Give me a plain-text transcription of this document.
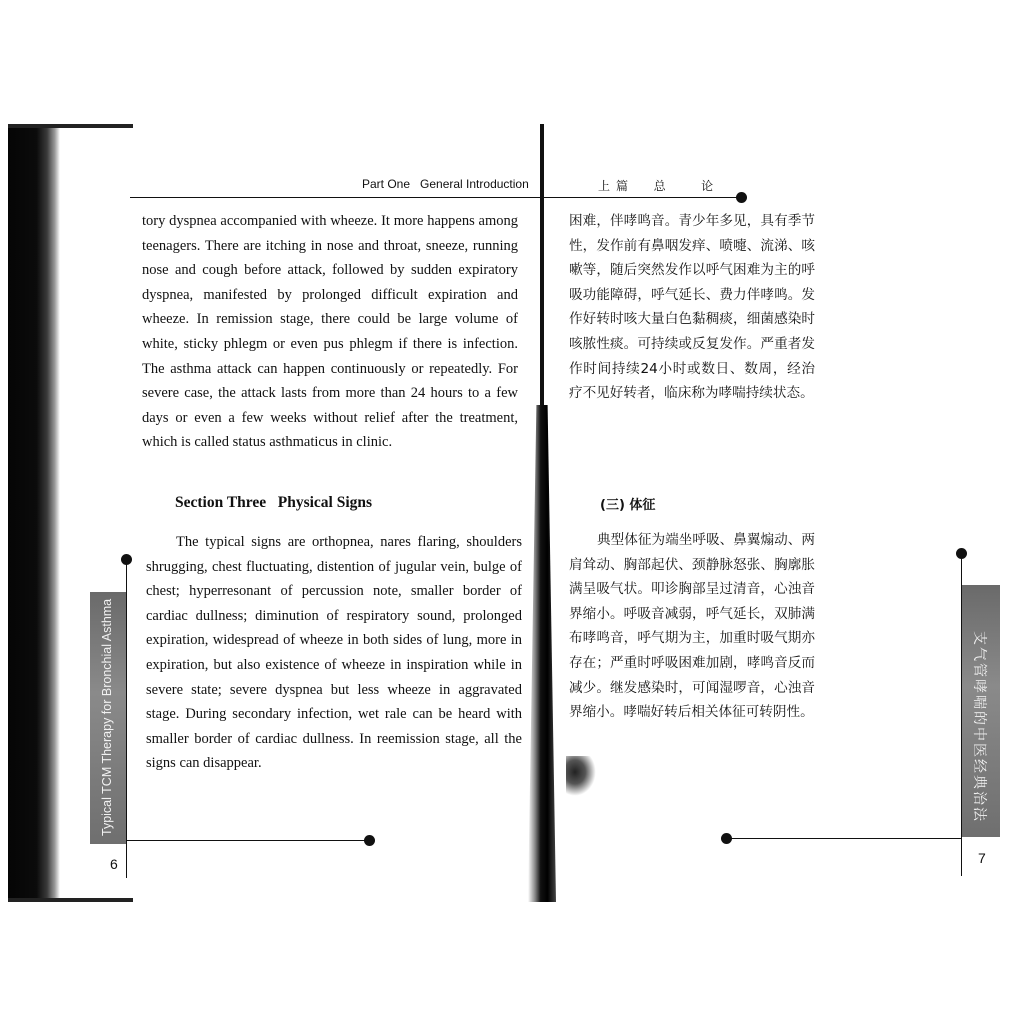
Part One   General Introduction

tory dyspnea accompanied with wheeze. It more happens among teenagers. There are itching in nose and throat, sneeze, running nose and cough before attack, followed by sudden expiratory dyspnea, manifested by prolonged difficult expiration and wheeze. In remission stage, there could be large volume of white, sticky phlegm or even pus phlegm if there is infection. The asthma attack can happen continuously or repeatedly. For severe case, the attack lasts from more than 24 hours to a few days or even a few weeks without relief after the treatment, which is called status asthmaticus in clinic.

Section Three   Physical Signs

The typical signs are orthopnea, nares flaring, shoulders shrugging, chest fluctuating, distention of jugular vein, bulge of chest; hyperresonant of percussion note, smaller border of cardiac dullness; diminution of respiratory sound, prolonged expiration, widespread of wheeze in both sides of lung, more in expiration, but also existence of wheeze in inspiration while in severe state; severe dyspnea but less wheeze in aggravated stage. During secondary infection, wet rale can be heard with smaller border of cardiac dullness. In reemission stage, all the signs can disappear.

Typical TCM Therapy for Bronchial Asthma
6
上篇  总   论

困难，伴哮鸣音。青少年多见，具有季节性，发作前有鼻咽发痒、喷嚏、流涕、咳嗽等，随后突然发作以呼气困难为主的呼吸功能障碍，呼气延长、费力伴哮鸣。发作好转时咳大量白色黏稠痰，细菌感染时咳脓性痰。可持续或反复发作。严重者发作时间持续24小时或数日、数周，经治疗不见好转者，临床称为哮喘持续状态。

(三) 体征

典型体征为端坐呼吸、鼻翼煽动、两肩耸动、胸部起伏、颈静脉怒张、胸廓胀满呈吸气状。叩诊胸部呈过清音，心浊音界缩小。呼吸音减弱，呼气延长，双肺满布哮鸣音，呼气期为主，加重时吸气期亦存在；严重时呼吸困难加剧，哮鸣音反而减少。继发感染时，可闻湿啰音，心浊音界缩小。哮喘好转后相关体征可转阴性。	支气管哮喘的中医经典治法
7
